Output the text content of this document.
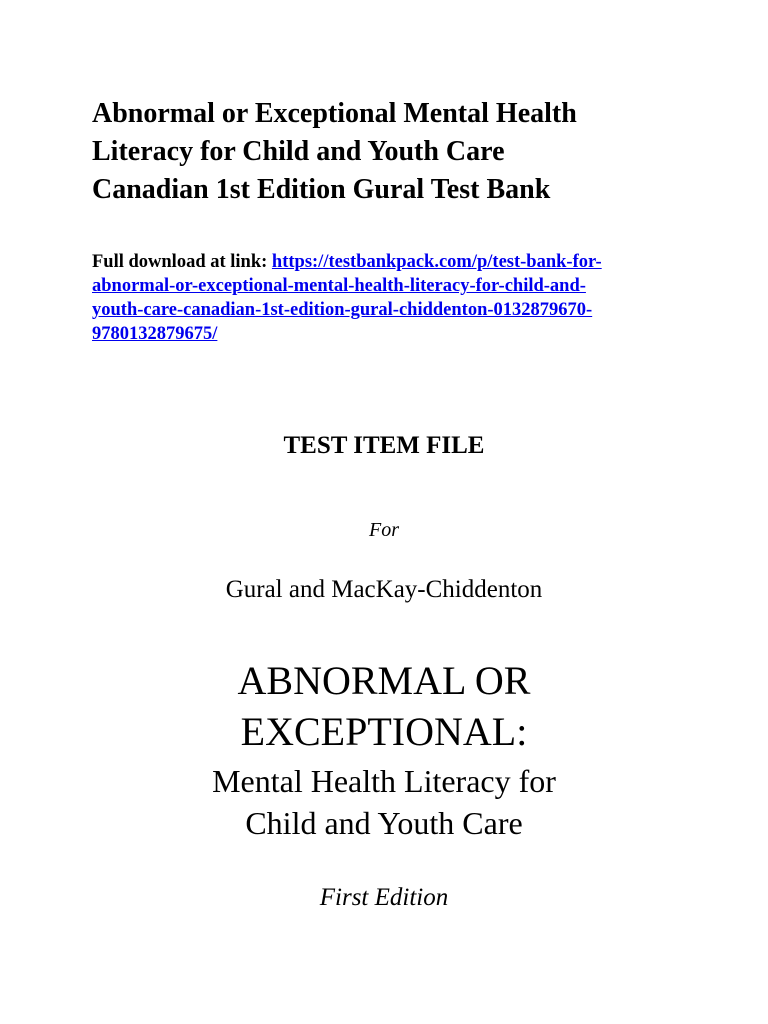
Abnormal or Exceptional Mental Health
Literacy for Child and Youth Care
Canadian 1st Edition Gural Test Bank
Full download at link: https://testbankpack.com/p/test-bank-for-
abnormal-or-exceptional-mental-health-literacy-for-child-and-
youth-care-canadian-1st-edition-gural-chiddenton-0132879670-
9780132879675/
TEST ITEM FILE
For
Gural and MacKay-Chiddenton
ABNORMAL OR
EXCEPTIONAL:
Mental Health Literacy for
Child and Youth Care
First Edition
